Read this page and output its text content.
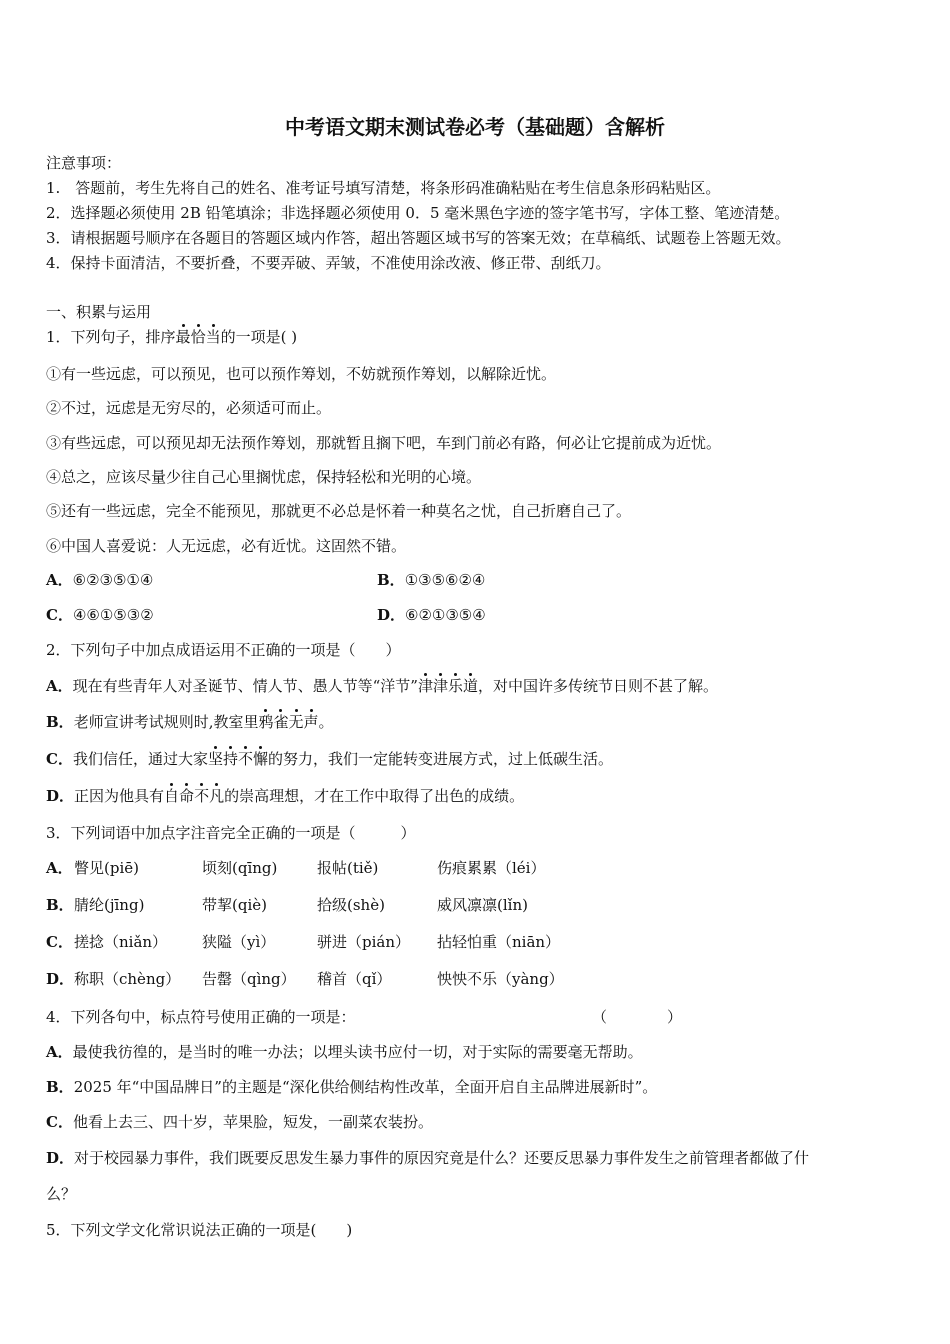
中考语文期末测试卷必考（基础题）含解析
注意事项：
1.　答题前，考生先将自己的姓名、准考证号填写清楚，将条形码准确粘贴在考生信息条形码粘贴区。
2．选择题必须使用 2B 铅笔填涂；非选择题必须使用 0．5 毫米黑色字迹的签字笔书写，字体工整、笔迹清楚。
3．请根据题号顺序在各题目的答题区域内作答，超出答题区域书写的答案无效；在草稿纸、试题卷上答题无效。
4．保持卡面清洁，不要折叠，不要弄破、弄皱，不准使用涂改液、修正带、刮纸刀。
一、积累与运用
1．下列句子，排序最恰当的一项是( )
①有一些远虑，可以预见，也可以预作筹划，不妨就预作筹划，以解除近忧。
②不过，远虑是无穷尽的，必须适可而止。
③有些远虑，可以预见却无法预作筹划，那就暂且搁下吧，车到门前必有路，何必让它提前成为近忧。
④总之，应该尽量少往自己心里搁忧虑，保持轻松和光明的心境。
⑤还有一些远虑，完全不能预见，那就更不必总是怀着一种莫名之忧，自己折磨自己了。
⑥中国人喜爱说：人无远虑，必有近忧。这固然不错。
A．⑥②③⑤①④	B．①③⑤⑥②④
C．④⑥①⑤③②	D．⑥②①③⑤④
2．下列句子中加点成语运用不正确的一项是（　　）
A．现在有些青年人对圣诞节、情人节、愚人节等“洋节”津津乐道，对中国许多传统节日则不甚了解。
B．老师宣讲考试规则时,教室里鸦雀无声。
C．我们信任，通过大家坚持不懈的努力，我们一定能转变进展方式，过上低碳生活。
D．正因为他具有自命不凡的崇高理想，才在工作中取得了出色的成绩。
3．下列词语中加点字注音完全正确的一项是（　　　）
A． 瞥见(piē)	顷刻(qīng)	报帖(tiě)	伤痕累累（léi）
B． 腈纶(jīng)	带挈(qiè)	拾级(shè)	威风凛凛(lǐn)
C． 搓捻（niǎn） 狭隘（yì）	骈进（pián） 拈轻怕重（niān）
D． 称职（chèng） 告罄（qìng） 稽首（qǐ）	怏怏不乐（yàng）
4．下列各句中，标点符号使用正确的一项是：	（　　　　）
A．最使我彷徨的，是当时的唯一办法；以埋头读书应付一切，对于实际的需要毫无帮助。
B．2025 年“中国品牌日”的主题是“深化供给侧结构性改革，全面开启自主品牌进展新时”。
C．他看上去三、四十岁，苹果脸，短发，一副菜农装扮。
D．对于校园暴力事件，我们既要反思发生暴力事件的原因究竟是什么？还要反思暴力事件发生之前管理者都做了什
么？
5．下列文学文化常识说法正确的一项是(　　)
